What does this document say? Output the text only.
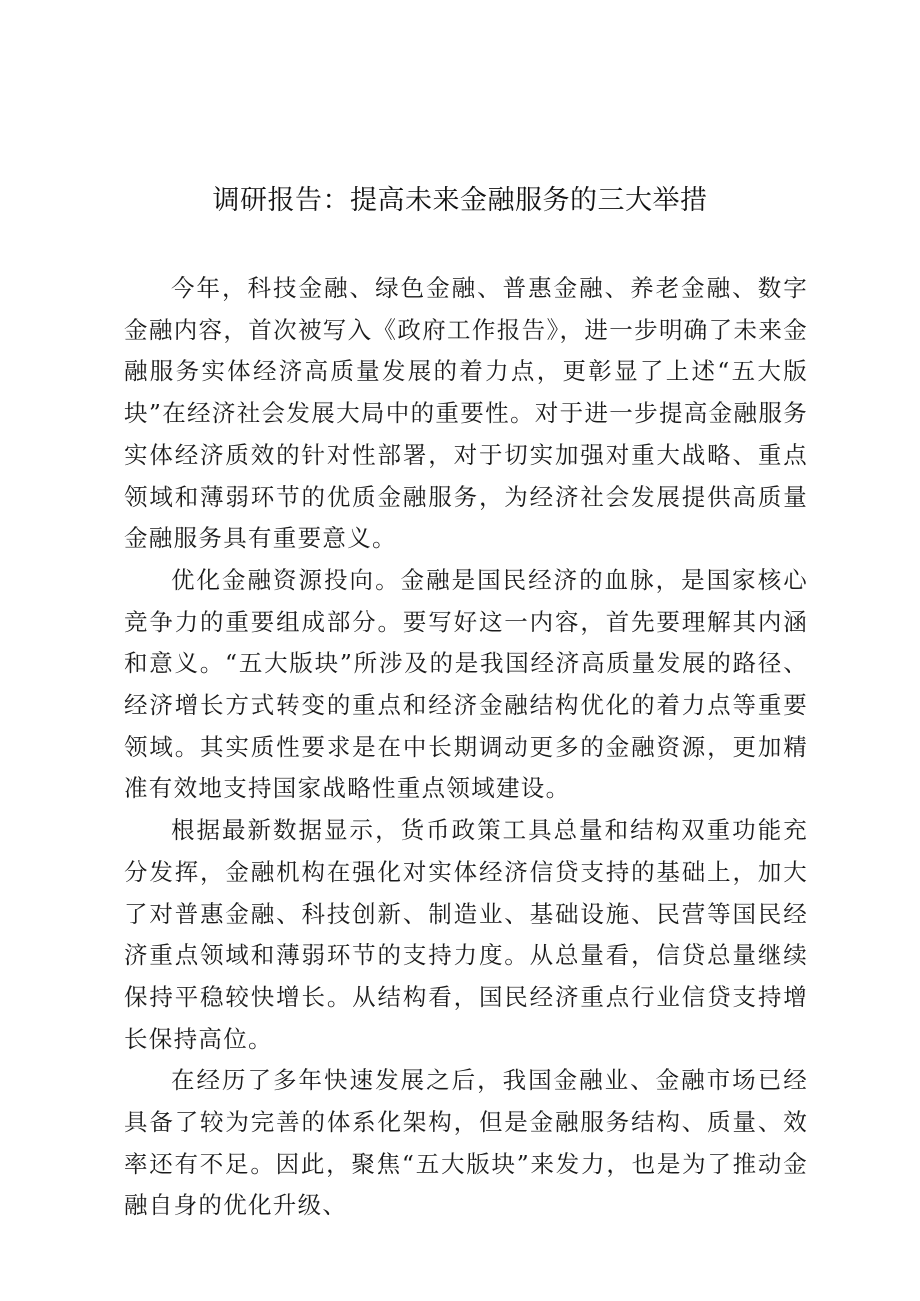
调研报告：提高未来金融服务的三大举措

今年，科技金融、绿色金融、普惠金融、养老金融、数字金融内容，首次被写入《政府工作报告》，进一步明确了未来金融服务实体经济高质量发展的着力点，更彰显了上述“五大版块”在经济社会发展大局中的重要性。对于进一步提高金融服务实体经济质效的针对性部署，对于切实加强对重大战略、重点领域和薄弱环节的优质金融服务，为经济社会发展提供高质量金融服务具有重要意义。

优化金融资源投向。金融是国民经济的血脉，是国家核心竞争力的重要组成部分。要写好这一内容，首先要理解其内涵和意义。“五大版块”所涉及的是我国经济高质量发展的路径、经济增长方式转变的重点和经济金融结构优化的着力点等重要领域。其实质性要求是在中长期调动更多的金融资源，更加精准有效地支持国家战略性重点领域建设。

根据最新数据显示，货币政策工具总量和结构双重功能充分发挥，金融机构在强化对实体经济信贷支持的基础上，加大了对普惠金融、科技创新、制造业、基础设施、民营等国民经济重点领域和薄弱环节的支持力度。从总量看，信贷总量继续保持平稳较快增长。从结构看，国民经济重点行业信贷支持增长保持高位。

在经历了多年快速发展之后，我国金融业、金融市场已经具备了较为完善的体系化架构，但是金融服务结构、质量、效率还有不足。因此，聚焦“五大版块”来发力，也是为了推动金融自身的优化升级、
